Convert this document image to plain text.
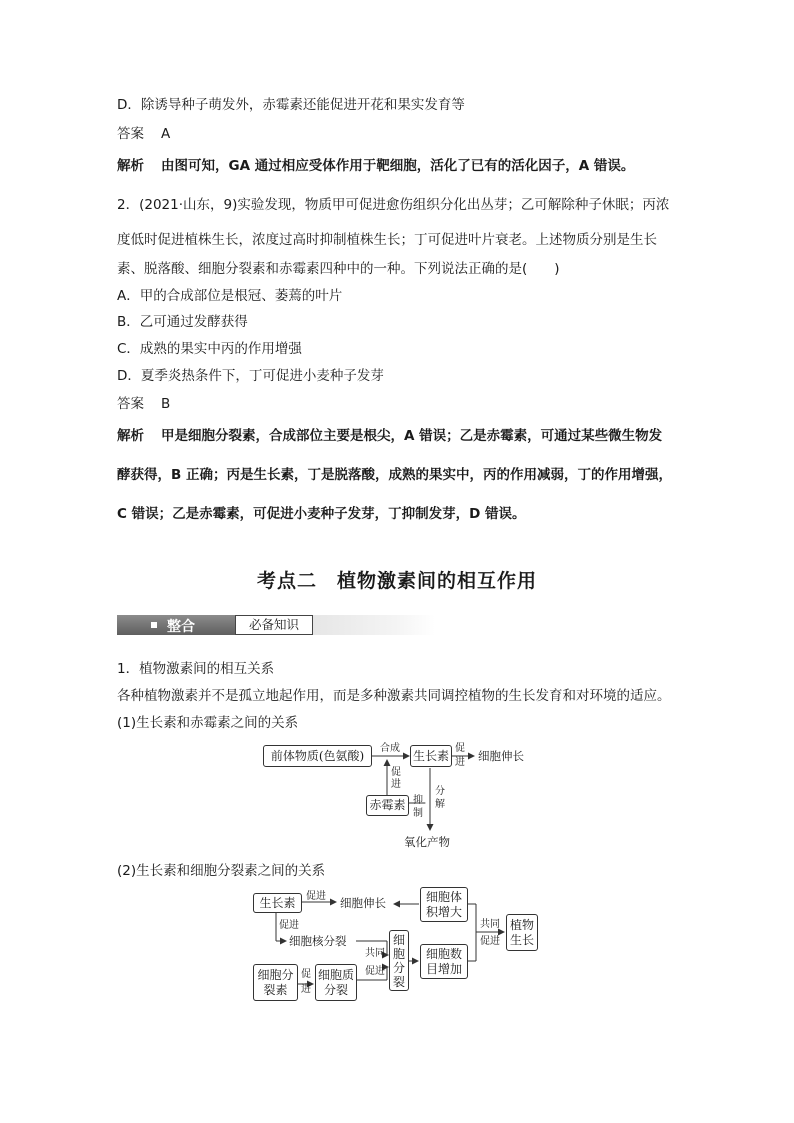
D．除诱导种子萌发外，赤霉素还能促进开花和果实发育等
答案 A
解析 由图可知，GA 通过相应受体作用于靶细胞，活化了已有的活化因子，A 错误。
2．(2021·山东，9)实验发现，物质甲可促进愈伤组织分化出丛芽；乙可解除种子休眠；丙浓
度低时促进植株生长，浓度过高时抑制植株生长；丁可促进叶片衰老。上述物质分别是生长
素、脱落酸、细胞分裂素和赤霉素四种中的一种。下列说法正确的是(　　)
A．甲的合成部位是根冠、萎蔫的叶片
B．乙可通过发酵获得
C．成熟的果实中丙的作用增强
D．夏季炎热条件下，丁可促进小麦种子发芽
答案 B
解析 甲是细胞分裂素，合成部位主要是根尖，A 错误；乙是赤霉素，可通过某些微生物发
酵获得，B 正确；丙是生长素，丁是脱落酸，成熟的果实中，丙的作用减弱，丁的作用增强，
C 错误；乙是赤霉素，可促进小麦种子发芽，丁抑制发芽，D 错误。
考点二　植物激素间的相互作用
整合	必备知识
1．植物激素间的相互关系
各种植物激素并不是孤立地起作用，而是多种激素共同调控植物的生长发育和对环境的适应。
(1)生长素和赤霉素之间的关系
(2)生长素和细胞分裂素之间的关系
前体物质(色氨酸)	生长素	细胞伸长
赤霉素
氧化产物
合成	促
进
促
进
抑
制
分
解
生长素	促进 细胞伸长	细胞体
积增大
促进
细胞核分裂
共同
促进
细
胞
分
裂
细胞数
目增加
共同
促进
植物
生长
细胞分
裂素
促
进
细胞质
分裂
